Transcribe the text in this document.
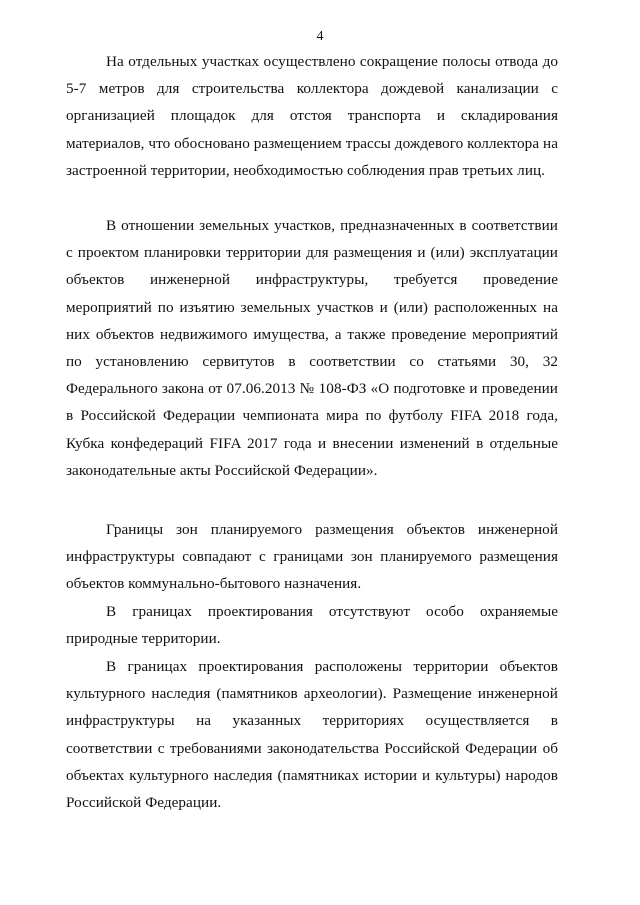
4

На отдельных участках осуществлено сокращение полосы отвода до 5-7 метров для строительства коллектора дождевой канализации с организацией площадок для отстоя транспорта и складирования материалов, что обосновано размещением трассы дождевого коллектора на застроенной территории, необходимостью соблюдения прав третьих лиц.

В отношении земельных участков, предназначенных в соответствии с проектом планировки территории для размещения и (или) эксплуатации объектов инженерной инфраструктуры, требуется проведение мероприятий по изъятию земельных участков и (или) расположенных на них объектов недвижимого имущества, а также проведение мероприятий по установлению сервитутов в соответствии со статьями 30, 32 Федерального закона от 07.06.2013 № 108-ФЗ «О подготовке и проведении в Российской Федерации чемпионата мира по футболу FIFA 2018 года, Кубка конфедераций FIFA 2017 года и внесении изменений в отдельные законодательные акты Российской Федерации».

Границы зон планируемого размещения объектов инженерной инфраструктуры совпадают с границами зон планируемого размещения объектов коммунально-бытового назначения.

В границах проектирования отсутствуют особо охраняемые природные территории.

В границах проектирования расположены территории объектов культурного наследия (памятников археологии). Размещение инженерной инфраструктуры на указанных территориях осуществляется в соответствии с требованиями законодательства Российской Федерации об объектах культурного наследия (памятниках истории и культуры) народов Российской Федерации.
